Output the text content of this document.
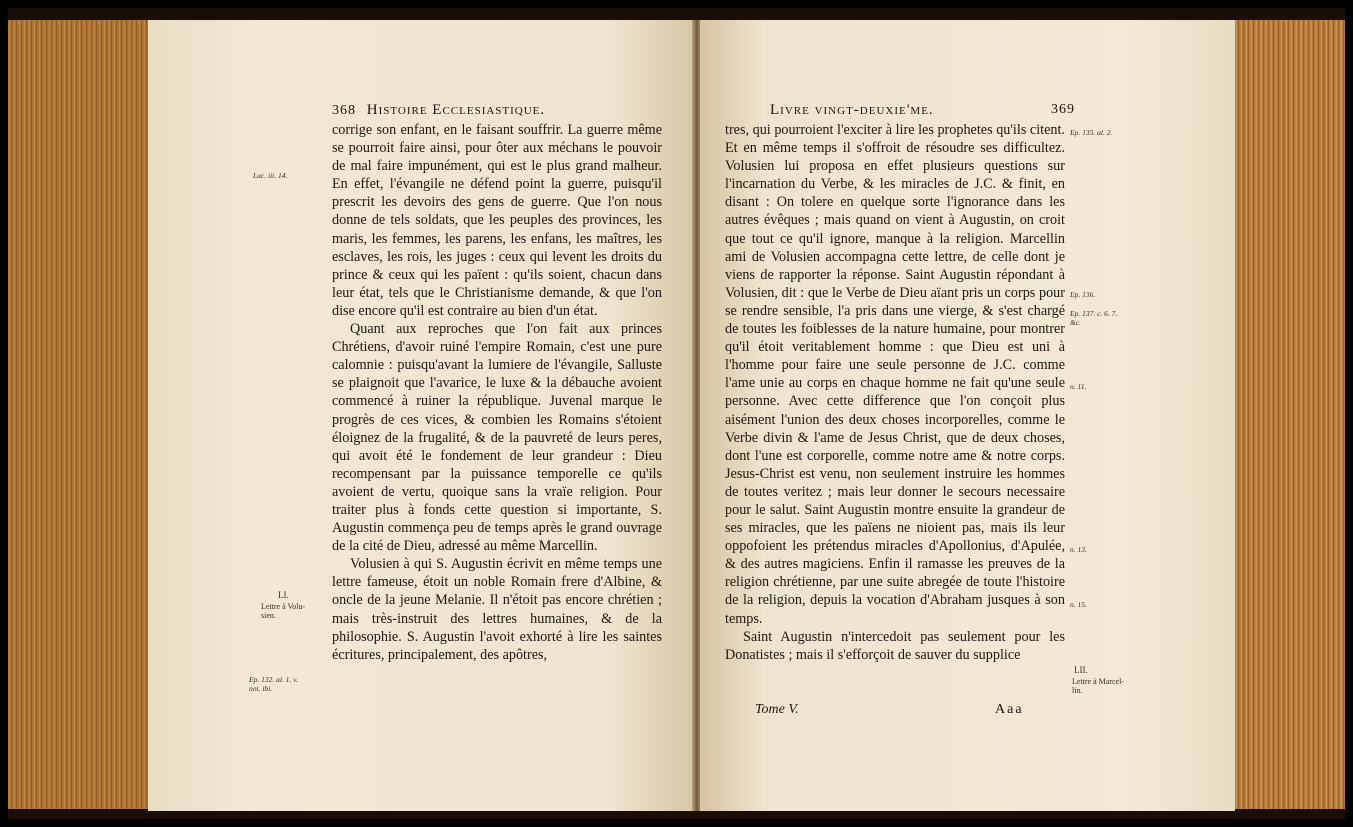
368 Histoire Ecclesiastique.

corrige son enfant, en le faisant souffrir. La guerre même se pourroit faire ainsi, pour ôter aux méchans le pouvoir de mal faire impunément, qui est le plus grand malheur. En effet, l'évangile ne défend point la guerre, puisqu'il prescrit les devoirs des gens de guerre. Que l'on nous donne de tels soldats, que les peuples des provinces, les maris, les femmes, les parens, les enfans, les maîtres, les esclaves, les rois, les juges : ceux qui levent les droits du prince & ceux qui les païent : qu'ils soient, chacun dans leur état, tels que le Christianisme demande, & que l'on dise encore qu'il est contraire au bien d'un état.

Quant aux reproches que l'on fait aux princes Chrétiens, d'avoir ruiné l'empire Romain, c'est une pure calomnie : puisqu'avant la lumiere de l'évangile, Salluste se plaignoit que l'avarice, le luxe & la débauche avoient commencé à ruiner la république. Juvenal marque le progrès de ces vices, & combien les Romains s'étoient éloignez de la frugalité, & de la pauvreté de leurs peres, qui avoit été le fondement de leur grandeur : Dieu recompensant par la puissance temporelle ce qu'ils avoient de vertu, quoique sans la vraïe religion. Pour traiter plus à fonds cette question si importante, S. Augustin commença peu de temps après le grand ouvrage de la cité de Dieu, adressé au même Marcellin.

Volusien à qui S. Augustin écrivit en même temps une lettre fameuse, étoit un noble Romain frere d'Albine, & oncle de la jeune Melanie. Il n'étoit pas encore chrétien ; mais très-instruit des lettres humaines, & de la philosophie. S. Augustin l'avoit exhorté à lire les saintes écritures, principalement, des apôtres,

Luc. iii. 14.
LI.
Lettre à Volu-
sien.
Ep. 132. al. 1. v.
not. ibi.
Livre vingt-deuxie'me.	369

tres, qui pourroient l'exciter à lire les prophetes qu'ils citent. Et en même temps il s'offroit de résoudre ses difficultez. Volusien lui proposa en effet plusieurs questions sur l'incarnation du Verbe, & les miracles de J.C. & finit, en disant : On tolere en quelque sorte l'ignorance dans les autres évêques ; mais quand on vient à Augustin, on croit que tout ce qu'il ignore, manque à la religion. Marcellin ami de Volusien accompagna cette lettre, de celle dont je viens de rapporter la réponse. Saint Augustin répondant à Volusien, dit : que le Verbe de Dieu aïant pris un corps pour se rendre sensible, l'a pris dans une vierge, & s'est chargé de toutes les foiblesses de la nature humaine, pour montrer qu'il étoit veritablement homme : que Dieu est uni à l'homme pour faire une seule personne de J.C. comme l'ame unie au corps en chaque homme ne fait qu'une seule personne. Avec cette difference que l'on conçoit plus aisément l'union des deux choses incorporelles, comme le Verbe divin & l'ame de Jesus Christ, que de deux choses, dont l'une est corporelle, comme notre ame & notre corps. Jesus-Christ est venu, non seulement instruire les hommes de toutes veritez ; mais leur donner le secours necessaire pour le salut. Saint Augustin montre ensuite la grandeur de ses miracles, que les païens ne nioient pas, mais ils leur oppofoient les prétendus miracles d'Apollonius, d'Apulée, & des autres magiciens. Enfin il ramasse les preuves de la religion chrétienne, par une suite abregée de toute l'histoire de la religion, depuis la vocation d'Abraham jusques à son temps.

Saint Augustin n'intercedoit pas seulement pour les Donatistes ; mais il s'efforçoit de sauver du supplice

Ep. 135. al. 2.
Ep. 136.
Ep. 137. c. 6. 7.
&c.
n. 11.
n. 13.
n. 15.
LII.
Lettre à Marcel-
lin.
Tome V.	Aaa
